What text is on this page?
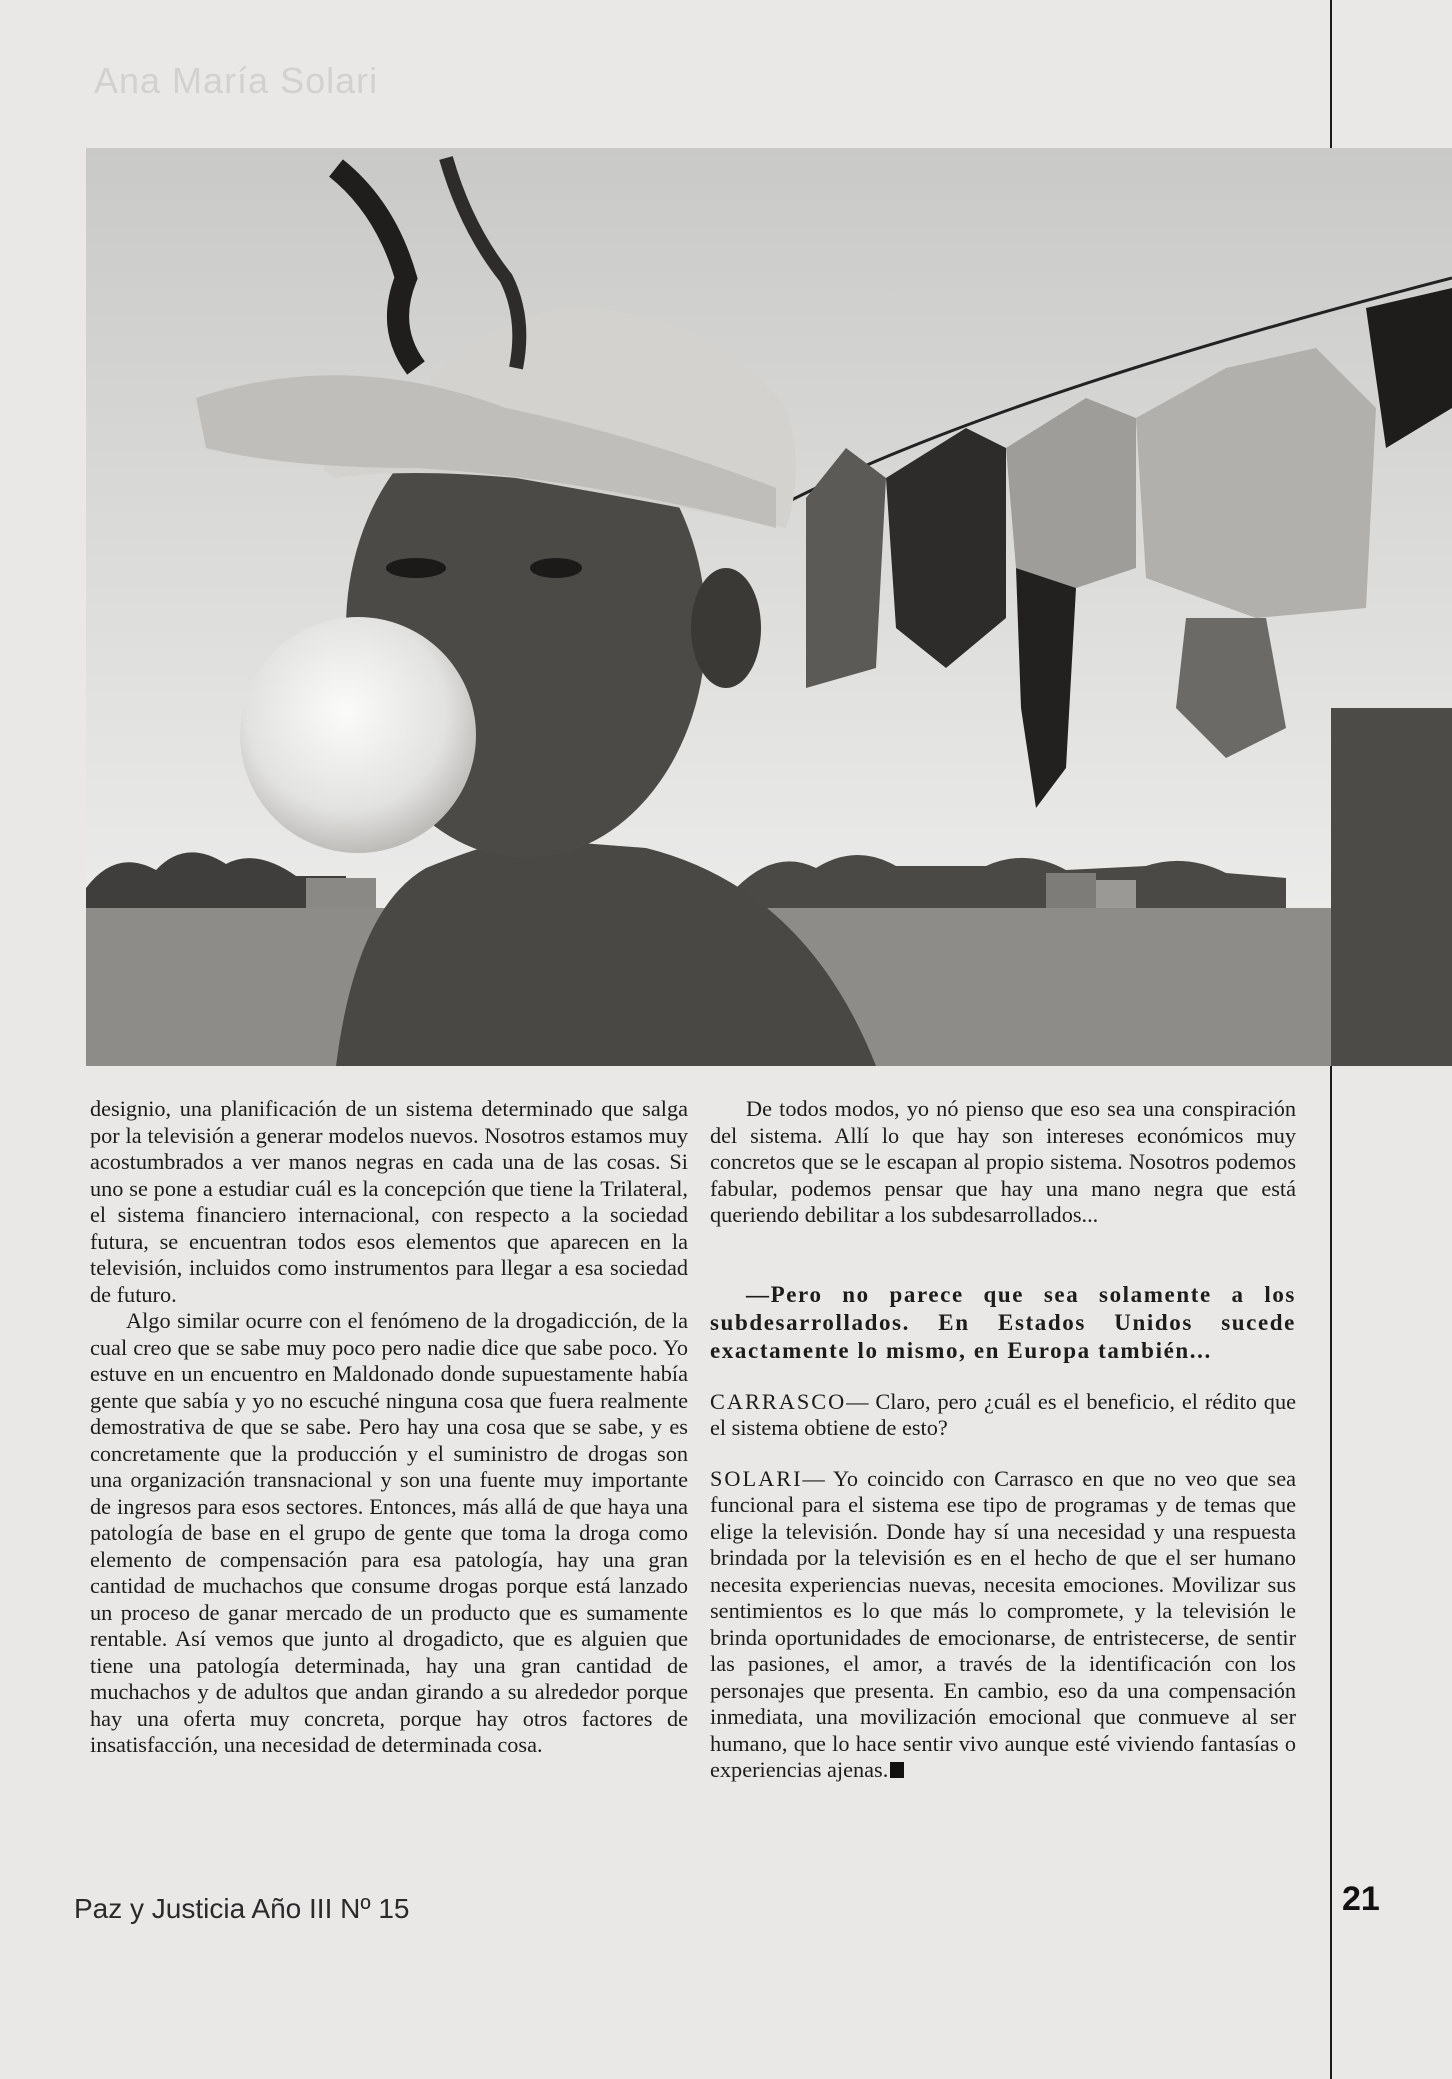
Ana María Solari

designio, una planificación de un sistema determinado que salga por la televisión a generar modelos nuevos. Nosotros estamos muy acostumbrados a ver manos negras en cada una de las cosas. Si uno se pone a estudiar cuál es la concepción que tiene la Trilateral, el sistema financiero internacional, con respecto a la sociedad futura, se encuentran todos esos elementos que aparecen en la televisión, incluidos como instrumentos para llegar a esa sociedad de futuro.

Algo similar ocurre con el fenómeno de la drogadicción, de la cual creo que se sabe muy poco pero nadie dice que sabe poco. Yo estuve en un encuentro en Maldonado donde supuestamente había gente que sabía y yo no escuché ninguna cosa que fuera realmente demostrativa de que se sabe. Pero hay una cosa que se sabe, y es concretamente que la producción y el suministro de drogas son una organización transnacional y son una fuente muy importante de ingresos para esos sectores. Entonces, más allá de que haya una patología de base en el grupo de gente que toma la droga como elemento de compensación para esa patología, hay una gran cantidad de muchachos que consume drogas porque está lanzado un proceso de ganar mercado de un producto que es sumamente rentable. Así vemos que junto al drogadicto, que es alguien que tiene una patología determinada, hay una gran cantidad de muchachos y de adultos que andan girando a su alrededor porque hay una oferta muy concreta, porque hay otros factores de insatisfacción, una necesidad de determinada cosa.

De todos modos, yo nó pienso que eso sea una conspiración del sistema. Allí lo que hay son intereses económicos muy concretos que se le escapan al propio sistema. Nosotros podemos fabular, podemos pensar que hay una mano negra que está queriendo debilitar a los subdesarrollados...

—Pero no parece que sea solamente a los subdesarrollados. En Estados Unidos sucede exactamente lo mismo, en Europa también...

CARRASCO— Claro, pero ¿cuál es el beneficio, el rédito que el sistema obtiene de esto?

SOLARI— Yo coincido con Carrasco en que no veo que sea funcional para el sistema ese tipo de programas y de temas que elige la televisión. Donde hay sí una necesidad y una respuesta brindada por la televisión es en el hecho de que el ser humano necesita experiencias nuevas, necesita emociones. Movilizar sus sentimientos es lo que más lo compromete, y la televisión le brinda oportunidades de emocionarse, de entristecerse, de sentir las pasiones, el amor, a través de la identificación con los personajes que presenta. En cambio, eso da una compensación inmediata, una movilización emocional que conmueve al ser humano, que lo hace sentir vivo aunque esté viviendo fantasías o experiencias ajenas.

Paz y Justicia Año III Nº 15	21
